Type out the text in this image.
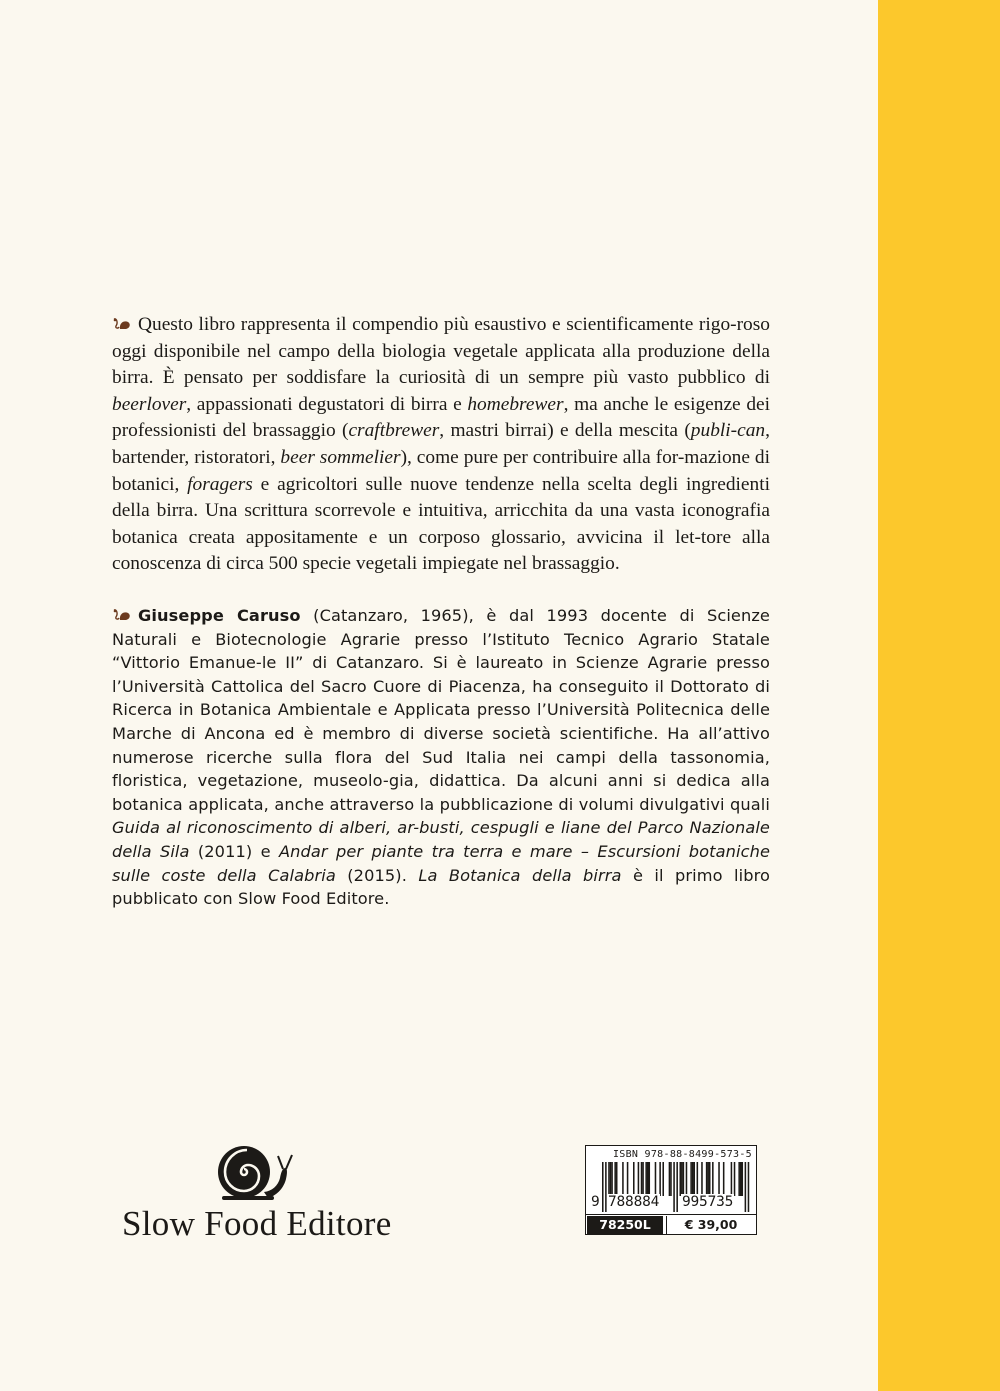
Questo libro rappresenta il compendio più esaustivo e scientificamente rigo-roso oggi disponibile nel campo della biologia vegetale applicata alla produzione della birra. È pensato per soddisfare la curiosità di un sempre più vasto pubblico di beerlover, appassionati degustatori di birra e homebrewer, ma anche le esigenze dei professionisti del brassaggio (craftbrewer, mastri birrai) e della mescita (publi-can, bartender, ristoratori, beer sommelier), come pure per contribuire alla for-mazione di botanici, foragers e agricoltori sulle nuove tendenze nella scelta degli ingredienti della birra. Una scrittura scorrevole e intuitiva, arricchita da una vasta iconografia botanica creata appositamente e un corposo glossario, avvicina il let-tore alla conoscenza di circa 500 specie vegetali impiegate nel brassaggio.

Giuseppe Caruso (Catanzaro, 1965), è dal 1993 docente di Scienze Naturali e Biotecnologie Agrarie presso l’Istituto Tecnico Agrario Statale “Vittorio Emanue-le II” di Catanzaro. Si è laureato in Scienze Agrarie presso l’Università Cattolica del Sacro Cuore di Piacenza, ha conseguito il Dottorato di Ricerca in Botanica Ambientale e Applicata presso l’Università Politecnica delle Marche di Ancona ed è membro di diverse società scientifiche. Ha all’attivo numerose ricerche sulla flora del Sud Italia nei campi della tassonomia, floristica, vegetazione, museolo-gia, didattica. Da alcuni anni si dedica alla botanica applicata, anche attraverso la pubblicazione di volumi divulgativi quali Guida al riconoscimento di alberi, ar-busti, cespugli e liane del Parco Nazionale della Sila (2011) e Andar per piante tra terra e mare – Escursioni botaniche sulle coste della Calabria (2015). La Botanica della birra è il primo libro pubblicato con Slow Food Editore.

Slow Food Editore
ISBN 978-88-8499-573-5
9 788884 995735
78250L	€ 39,00
